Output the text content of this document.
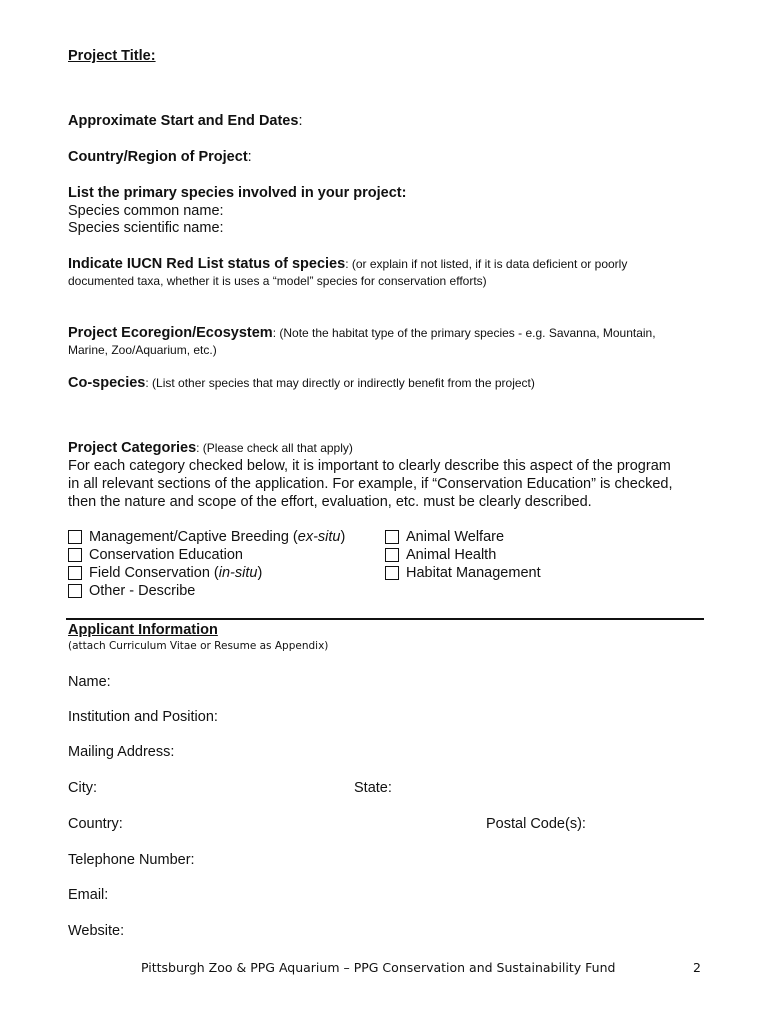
Project Title:
Approximate Start and End Dates:
Country/Region of Project:
List the primary species involved in your project:
Species common name:
Species scientific name:
Indicate IUCN Red List status of species: (or explain if not listed, if it is data deficient or poorly
documented taxa, whether it is uses a “model” species for conservation efforts)
Project Ecoregion/Ecosystem: (Note the habitat type of the primary species - e.g. Savanna, Mountain,
Marine, Zoo/Aquarium, etc.)
Co-species: (List other species that may directly or indirectly benefit from the project)
Project Categories: (Please check all that apply)
For each category checked below, it is important to clearly describe this aspect of the program
in all relevant sections of the application. For example, if “Conservation Education” is checked,
then the nature and scope of the effort, evaluation, etc. must be clearly described.
Management/Captive Breeding (ex-situ)
Conservation Education
Field Conservation (in-situ)
Other - Describe
Animal Welfare
Animal Health
Habitat Management
Applicant Information
(attach Curriculum Vitae or Resume as Appendix)
Name:
Institution and Position:
Mailing Address:
City:	State:
Country:	Postal Code(s):
Telephone Number:
Email:
Website:
Pittsburgh Zoo & PPG Aquarium – PPG Conservation and Sustainability Fund	2
